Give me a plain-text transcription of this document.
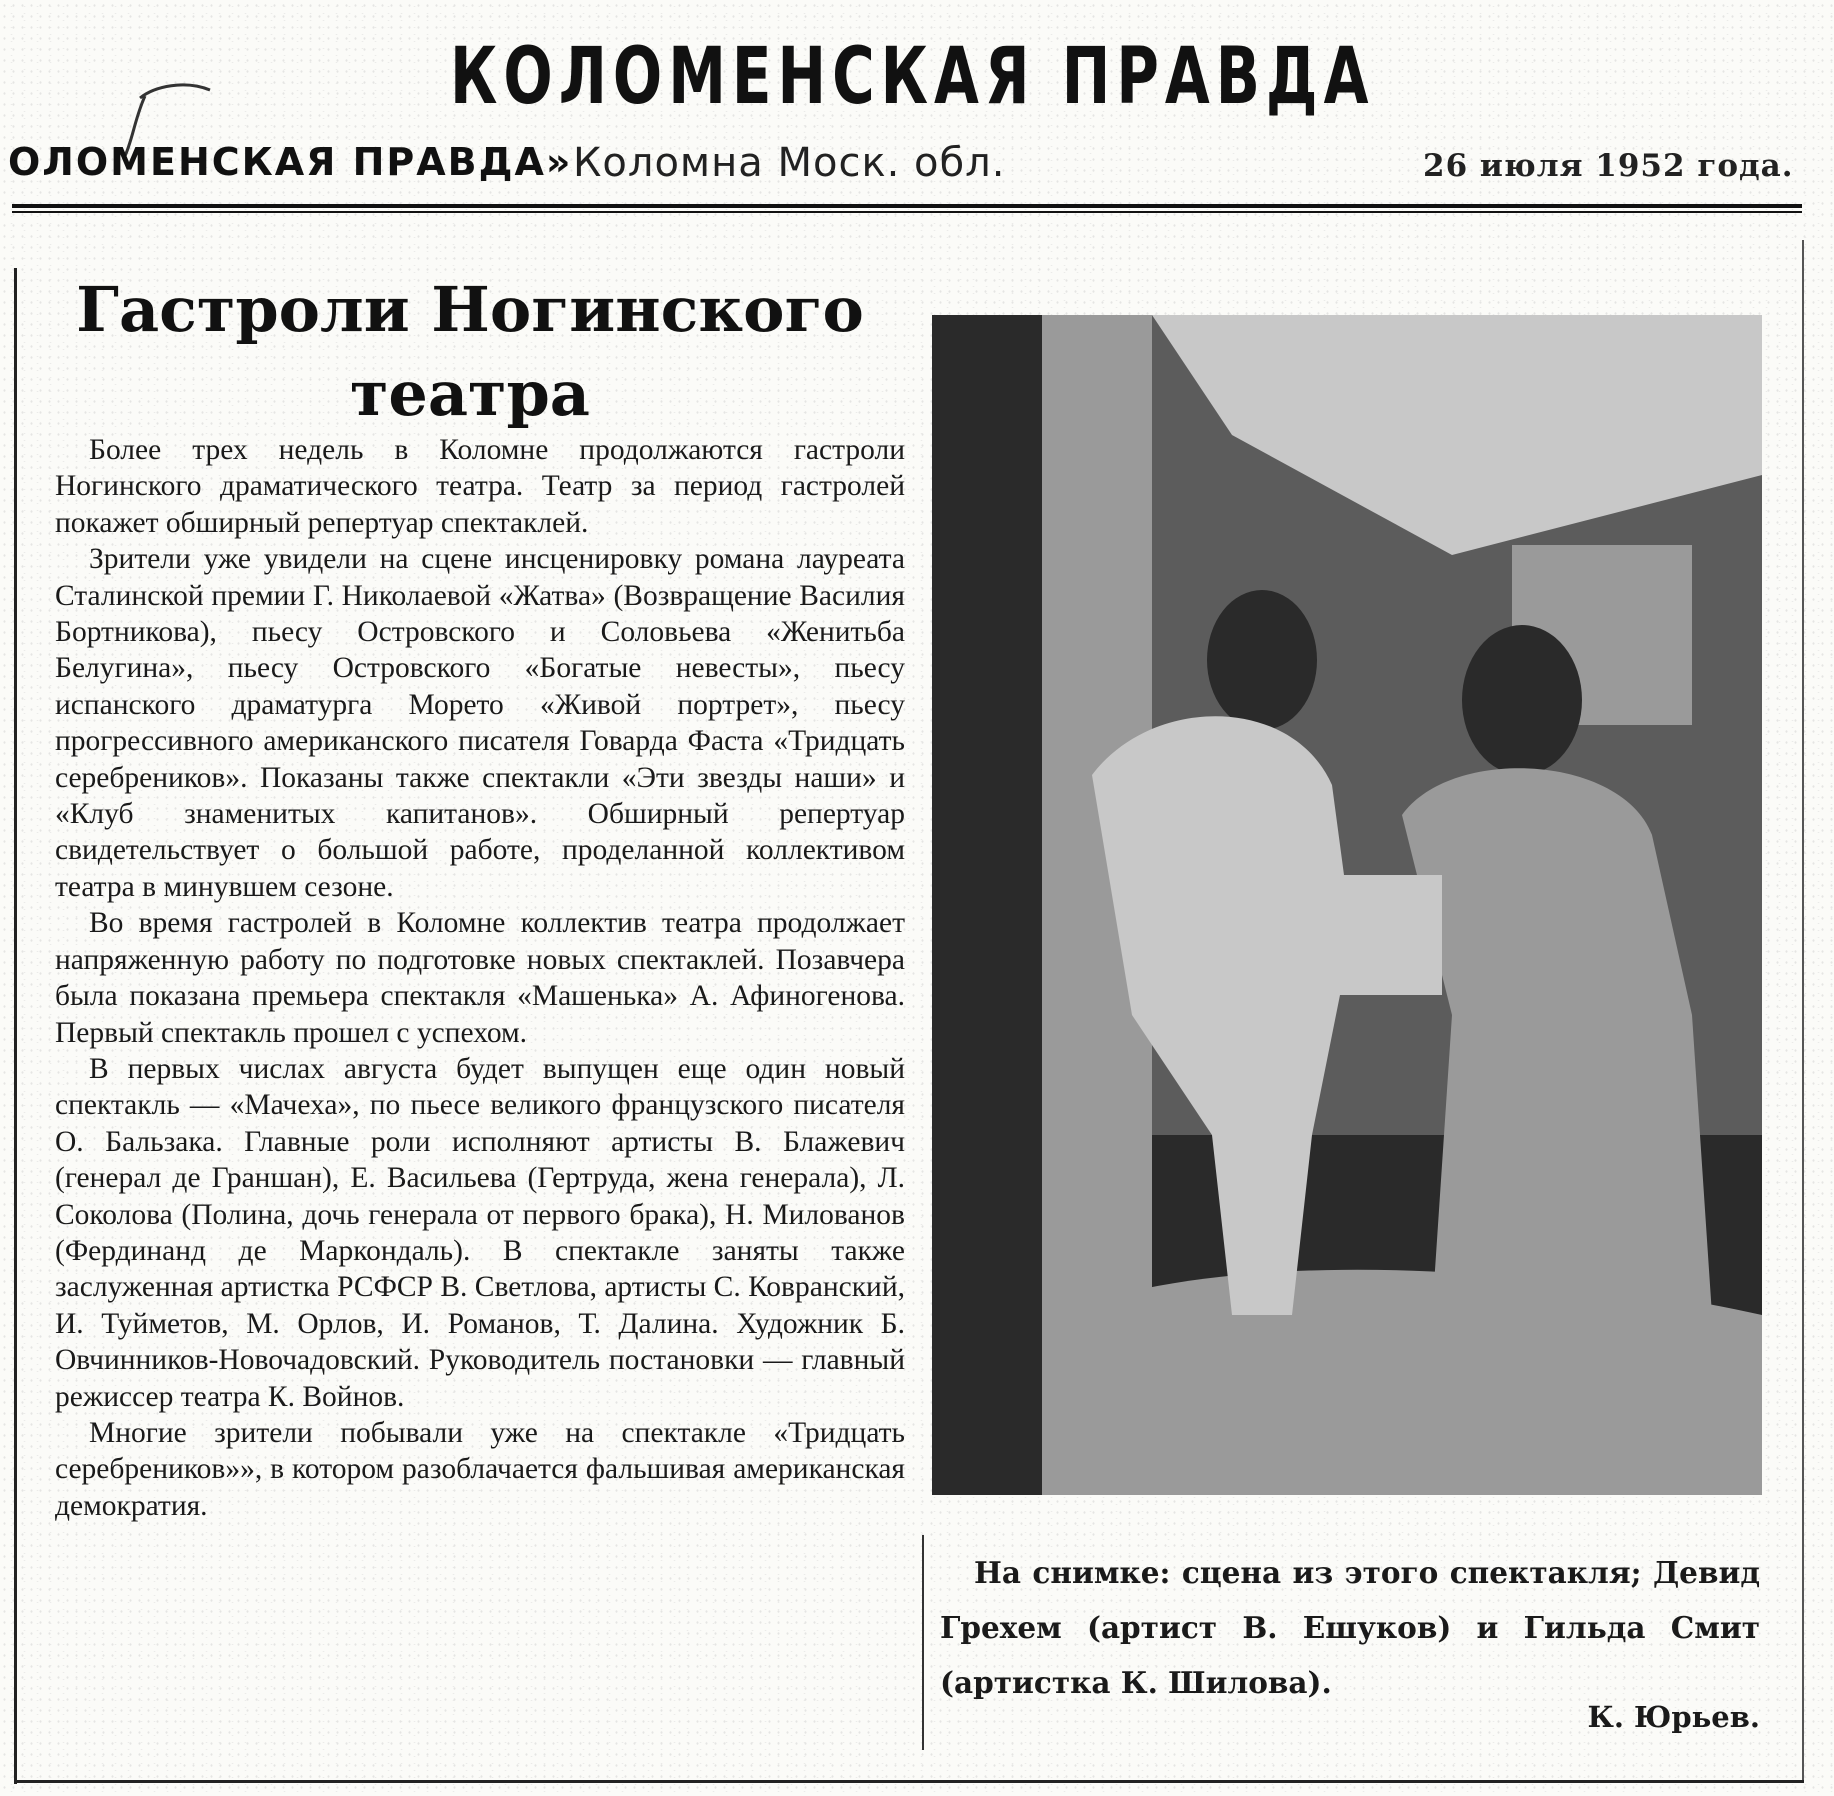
КОЛОМЕНСКАЯ ПРАВДА
ОЛОМЕНСКАЯ ПРАВДА» Коломна Моск. обл.	26 июля 1952 года.
Гастроли Ногинского
театра

Более трех недель в Коломне продолжаются гастроли Ногинского драматического театра. Театр за период гастролей покажет обширный репертуар спектаклей.

Зрители уже увидели на сцене инсценировку романа лауреата Сталинской премии Г. Николаевой «Жатва» (Возвращение Василия Бортникова), пьесу Островского и Соловьева «Женитьба Белугина», пьесу Островского «Богатые невесты», пьесу испанского драматурга Морето «Живой портрет», пьесу прогрессивного американского писателя Говарда Фаста «Тридцать серебреников». Показаны также спектакли «Эти звезды наши» и «Клуб знаменитых капитанов». Обширный репертуар свидетельствует о большой работе, проделанной коллективом театра в минувшем сезоне.

Во время гастролей в Коломне коллектив театра продолжает напряженную работу по подготовке новых спектаклей. Позавчера была показана премьера спектакля «Машенька» А. Афиногенова. Первый спектакль прошел с успехом.

В первых числах августа будет выпущен еще один новый спектакль — «Мачеха», по пьесе великого французского писателя О. Бальзака. Главные роли исполняют артисты В. Блажевич (генерал де Граншан), Е. Васильева (Гертруда, жена генерала), Л. Соколова (Полина, дочь генерала от первого брака), Н. Милованов (Фердинанд де Маркондаль). В спектакле заняты также заслуженная артистка РСФСР В. Светлова, артисты С. Ковранский, И. Туйметов, М. Орлов, И. Романов, Т. Далина. Художник Б. Овчинников-Новочадовский. Руководитель постановки — главный режиссер театра К. Войнов.

Многие зрители побывали уже на спектакле «Тридцать серебреников»», в котором разоблачается фальшивая американская демократия.

На снимке: сцена из этого спектакля; Девид Грехем (артист В. Ешуков) и Гильда Смит (артистка К. Шилова).
К. Юрьев.
